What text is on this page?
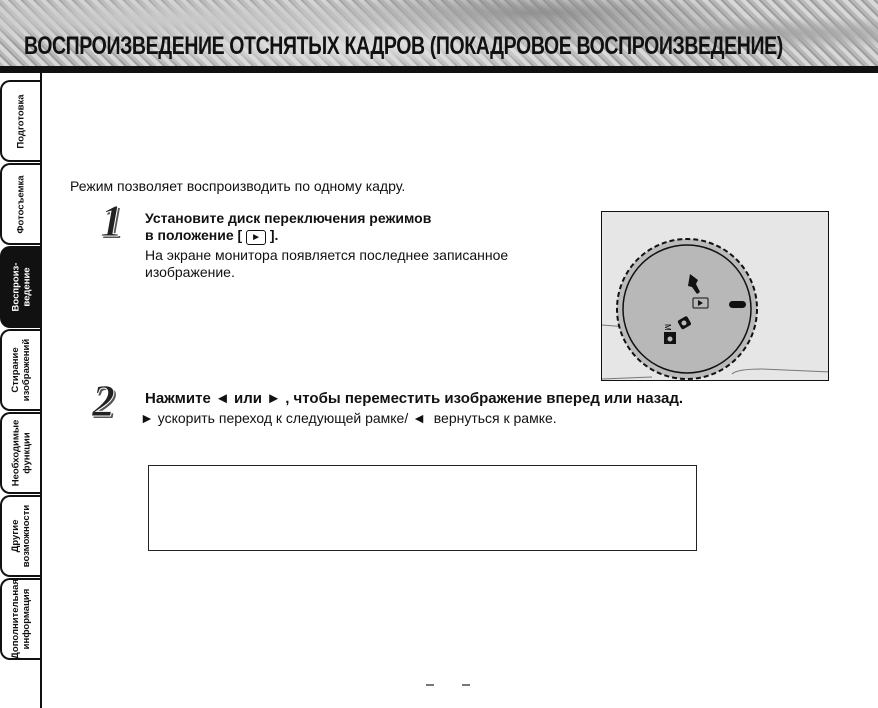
ВОСПРОИЗВЕДЕНИЕ ОТСНЯТЫХ КАДРОВ (ПОКАДРОВОЕ ВОСПРОИЗВЕДЕНИЕ)
Подготовка
Фотосъемка
Воспроиз-
ведение
Стирание
изображений
Необходимые
функции
Другие
возможности
Дополнительная
информация
Режим позволяет воспроизводить по одному кадру.
1 Установите диск переключения режимов
в положение [ ► ].
На экране монитора появляется последнее записанное
изображение.
M
2 Нажмите ◄ или ► , чтобы переместить изображение вперед или назад.
► ускорить переход к следующей рамке/ ◄ вернуться к рамке.
